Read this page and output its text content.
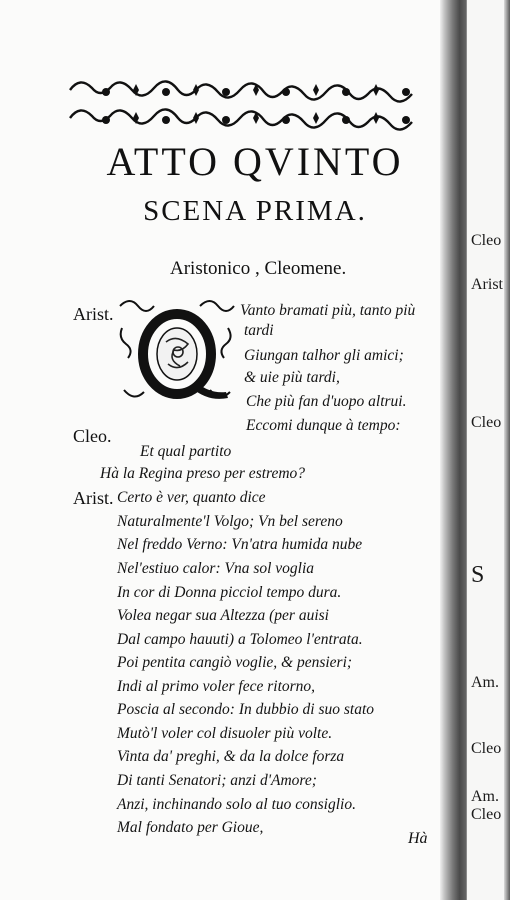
Cleo
Arist
Cleo
S
Am.
Cleo
Am.
Cleo
ATTO QVINTO
SCENA PRIMA.
Aristonico , Cleomene.
Arist.
Cleo.
Arist.
Vanto bramati più, tanto più
tardi
Giungan talhor gli amici;
& uie più tardi,
Che più fan d'uopo altrui.
Eccomi dunque à tempo:
Et qual partito
Hà la Regina preso per estremo?
Certo è ver, quanto dice
Naturalmente'l Volgo; Vn bel sereno
Nel freddo Verno: Vn'atra humida nube
Nel'estiuo calor: Vna sol voglia
In cor di Donna picciol tempo dura.
Volea negar sua Altezza (per auisi
Dal campo hauuti) a Tolomeo l'entrata.
Poi pentita cangiò voglie, & pensieri;
Indi al primo voler fece ritorno,
Poscia al secondo: In dubbio di suo stato
Mutò'l voler col disuoler più volte.
Vinta da' preghi, & da la dolce forza
Di tanti Senatori; anzi d'Amore;
Anzi, inchinando solo al tuo consiglio.
Mal fondato per Gioue,
Hà
